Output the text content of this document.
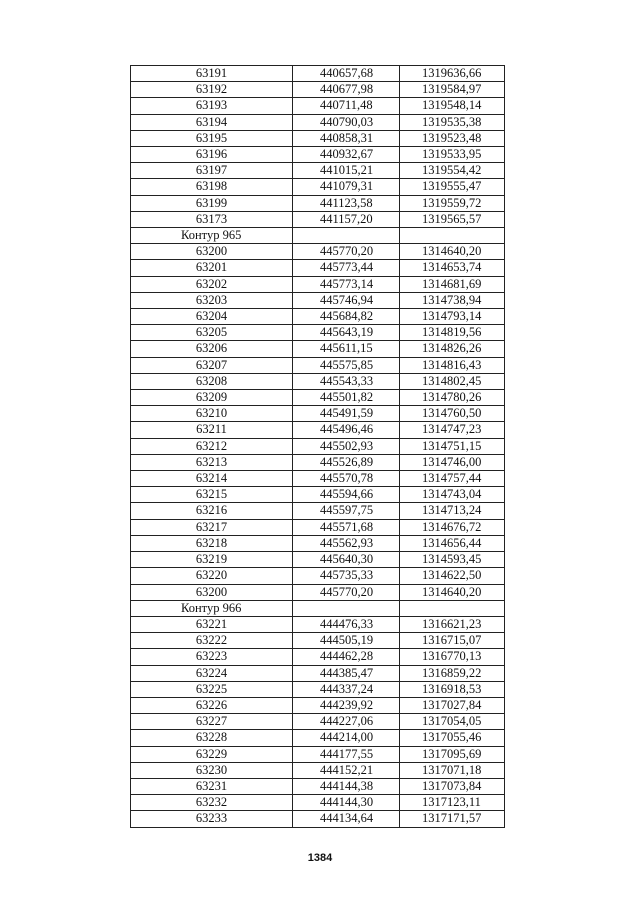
63191	440657,68	1319636,66
63192	440677,98	1319584,97
63193	440711,48	1319548,14
63194	440790,03	1319535,38
63195	440858,31	1319523,48
63196	440932,67	1319533,95
63197	441015,21	1319554,42
63198	441079,31	1319555,47
63199	441123,58	1319559,72
63173	441157,20	1319565,57
Контур 965		
63200	445770,20	1314640,20
63201	445773,44	1314653,74
63202	445773,14	1314681,69
63203	445746,94	1314738,94
63204	445684,82	1314793,14
63205	445643,19	1314819,56
63206	445611,15	1314826,26
63207	445575,85	1314816,43
63208	445543,33	1314802,45
63209	445501,82	1314780,26
63210	445491,59	1314760,50
63211	445496,46	1314747,23
63212	445502,93	1314751,15
63213	445526,89	1314746,00
63214	445570,78	1314757,44
63215	445594,66	1314743,04
63216	445597,75	1314713,24
63217	445571,68	1314676,72
63218	445562,93	1314656,44
63219	445640,30	1314593,45
63220	445735,33	1314622,50
63200	445770,20	1314640,20
Контур 966		
63221	444476,33	1316621,23
63222	444505,19	1316715,07
63223	444462,28	1316770,13
63224	444385,47	1316859,22
63225	444337,24	1316918,53
63226	444239,92	1317027,84
63227	444227,06	1317054,05
63228	444214,00	1317055,46
63229	444177,55	1317095,69
63230	444152,21	1317071,18
63231	444144,38	1317073,84
63232	444144,30	1317123,11
63233	444134,64	1317171,57
1384
